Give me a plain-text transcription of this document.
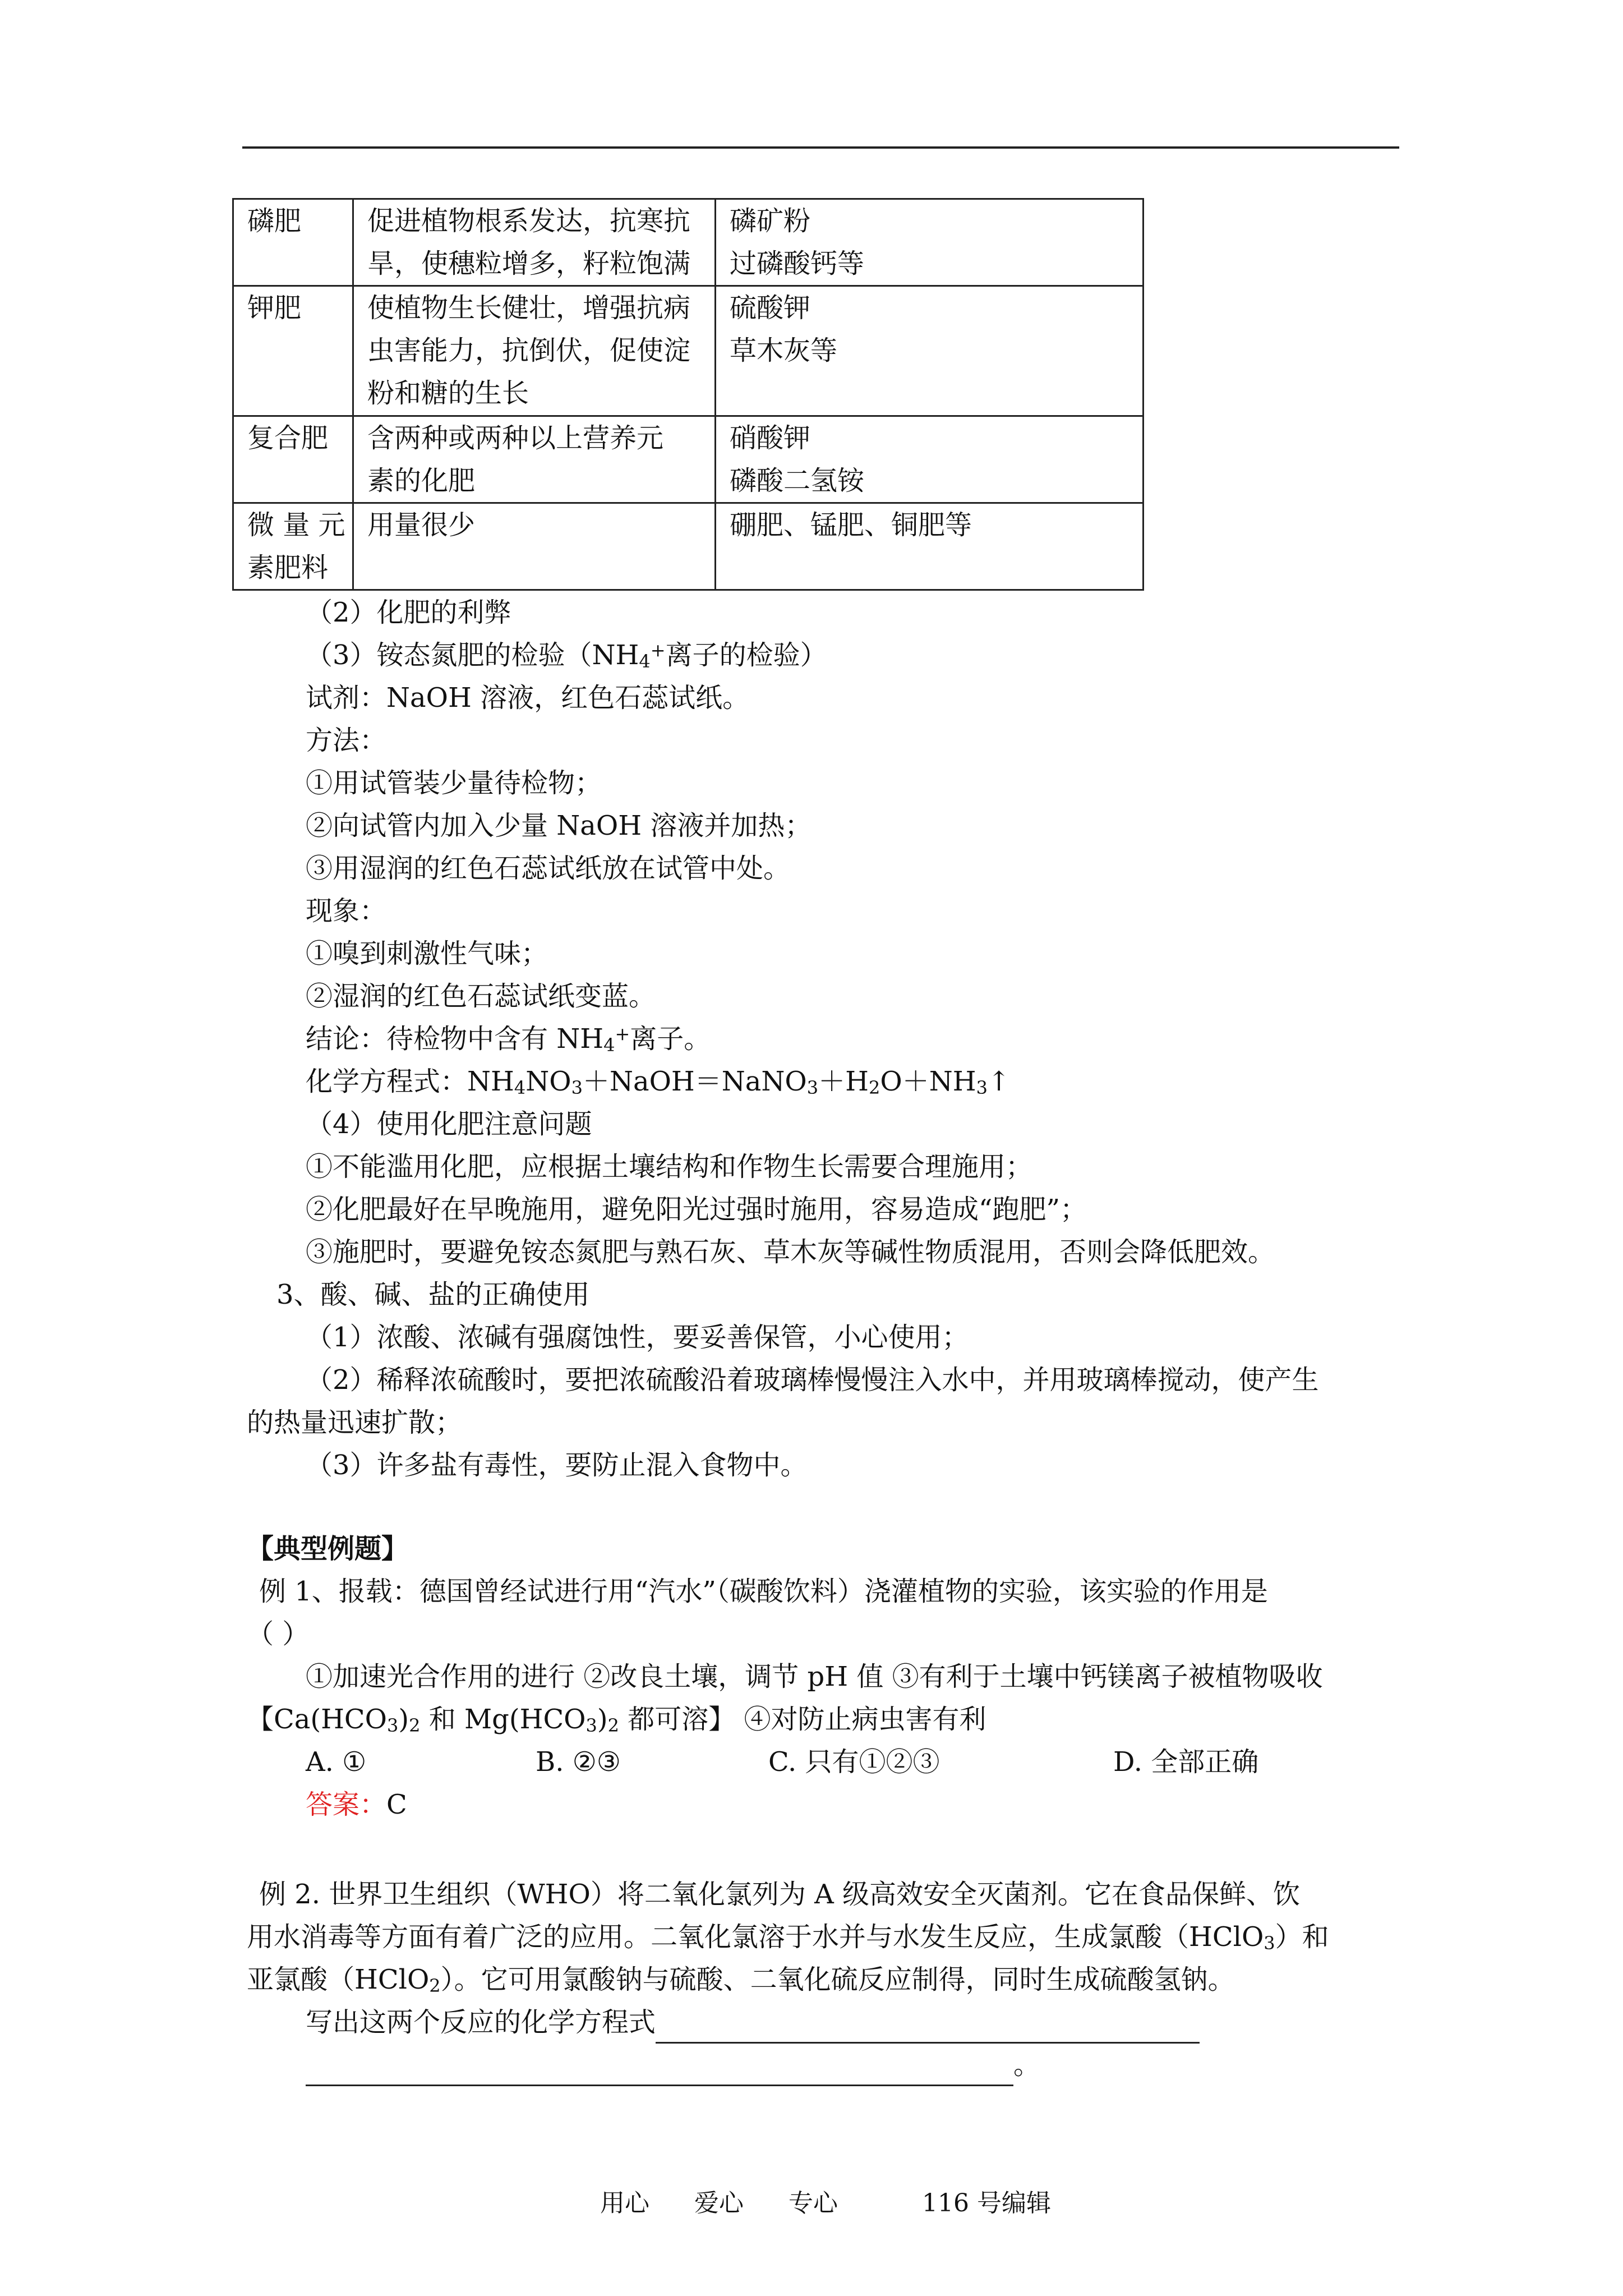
磷肥	促进植物根系发达，抗寒抗
旱，使穗粒增多，籽粒饱满	磷矿粉
过磷酸钙等

钾肥	使植物生长健壮，增强抗病
虫害能力，抗倒伏，促使淀
粉和糖的生长	硫酸钾
草木灰等

复合肥	含两种或两种以上营养元
素的化肥	硝酸钾
磷酸二氢铵

微 量 元
素肥料	用量很少	硼肥、锰肥、铜肥等
（2）化肥的利弊
（3）铵态氮肥的检验（$NH_4^+$离子的检验）
试剂：NaOH 溶液，红色石蕊试纸。
方法：
①用试管装少量待检物；
②向试管内加入少量 NaOH 溶液并加热；
③用湿润的红色石蕊试纸放在试管中处。
现象：
①嗅到刺激性气味；
②湿润的红色石蕊试纸变蓝。
结论：待检物中含有 $NH_4^+$离子。
化学方程式：$NH_4NO_3+NaOH=NaNO_3+H_2O+NH_3↑$
（4）使用化肥注意问题
①不能滥用化肥，应根据土壤结构和作物生长需要合理施用；
②化肥最好在早晚施用，避免阳光过强时施用，容易造成“跑肥”；
③施肥时，要避免铵态氮肥与熟石灰、草木灰等碱性物质混用，否则会降低肥效。
3、酸、碱、盐的正确使用
（1）浓酸、浓碱有强腐蚀性，要妥善保管，小心使用；
（2）稀释浓硫酸时，要把浓硫酸沿着玻璃棒慢慢注入水中，并用玻璃棒搅动，使产生
的热量迅速扩散；
（3）许多盐有毒性，要防止混入食物中。
【典型例题】
例 1、报载：德国曾经试进行用“汽水”（碳酸饮料）浇灌植物的实验，该实验的作用是
（ ）
①加速光合作用的进行 ②改良土壤，调节 pH 值 ③有利于土壤中钙镁离子被植物吸收
【$Ca(HCO_3)_2$ 和 $Mg(HCO_3)_2$ 都可溶】 ④对防止病虫害有利
A. ①	B. ②③	C. 只有①②③	D. 全部正确
答案：C
例 2. 世界卫生组织（WHO）将二氧化氯列为 A 级高效安全灭菌剂。它在食品保鲜、饮
用水消毒等方面有着广泛的应用。二氧化氯溶于水并与水发生反应，生成氯酸（HClO$_3$）和
亚氯酸（HClO$_2$）。它可用氯酸钠与硫酸、二氧化硫反应制得，同时生成硫酸氢钠。
写出这两个反应的化学方程式
。
用心 爱心 专心	116 号编辑
